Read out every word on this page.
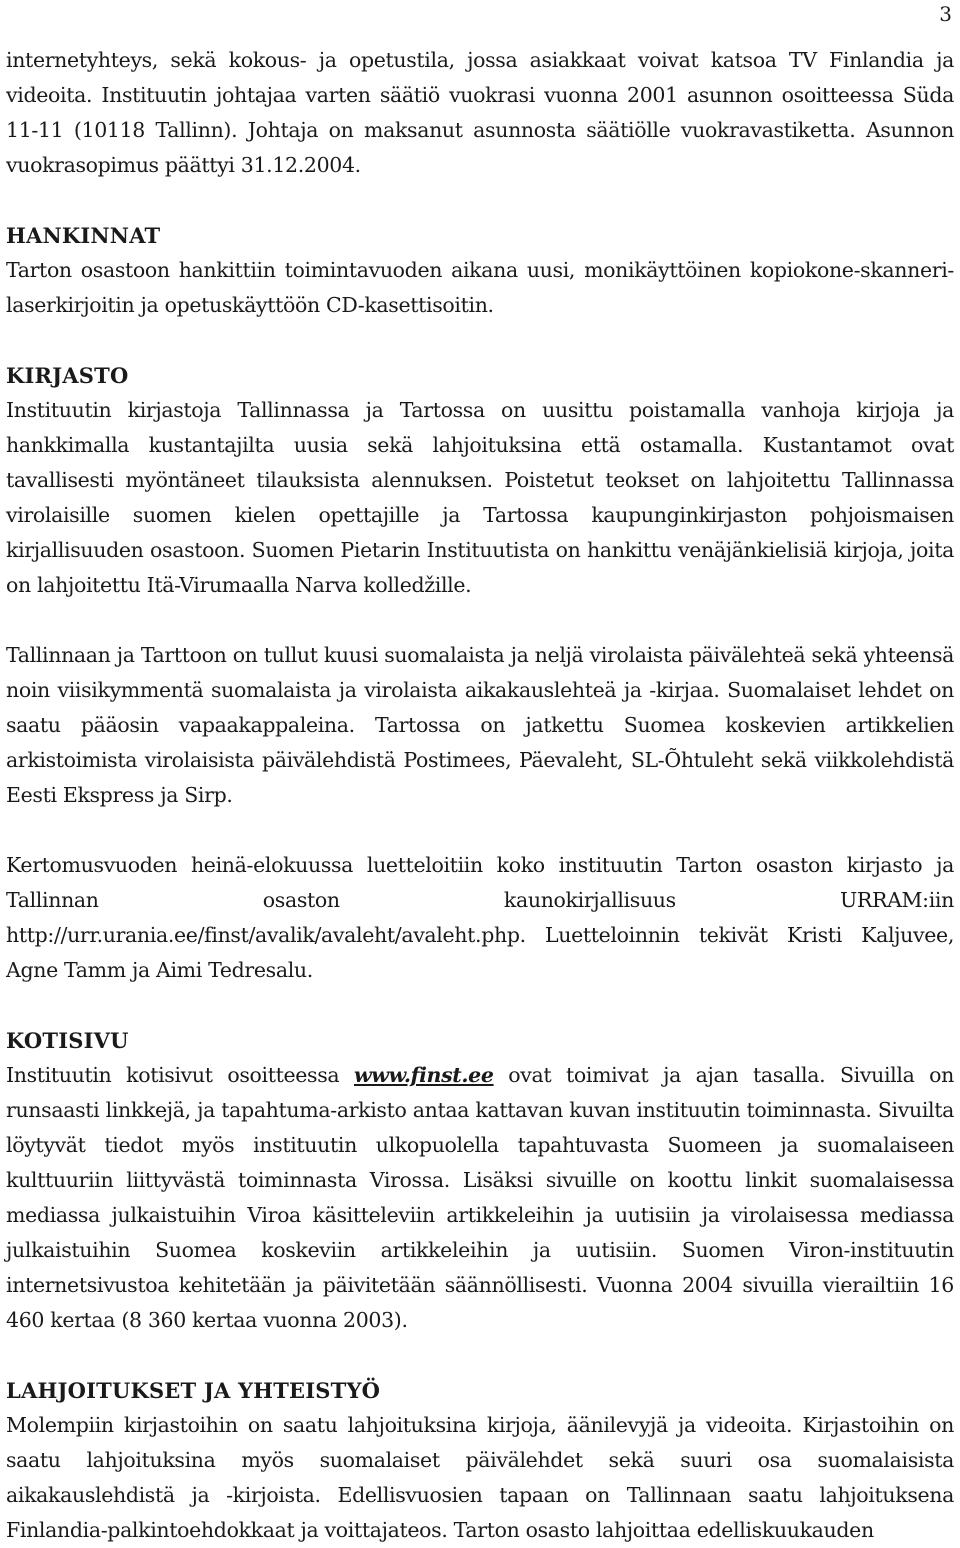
3

internetyhteys, sekä kokous- ja opetustila, jossa asiakkaat voivat katsoa TV Finlandia ja videoita. Instituutin johtajaa varten säätiö vuokrasi vuonna 2001 asunnon osoitteessa Süda 11-11 (10118 Tallinn). Johtaja on maksanut asunnosta säätiölle vuokravastiketta. Asunnon vuokrasopimus päättyi 31.12.2004.

HANKINNAT

Tarton osastoon hankittiin toimintavuoden aikana uusi, monikäyttöinen kopiokone-skanneri-laserkirjoitin ja opetuskäyttöön CD-kasettisoitin.

KIRJASTO

Instituutin kirjastoja Tallinnassa ja Tartossa on uusittu poistamalla vanhoja kirjoja ja hankkimalla kustantajilta uusia sekä lahjoituksina että ostamalla. Kustantamot ovat tavallisesti myöntäneet tilauksista alennuksen. Poistetut teokset on lahjoitettu Tallinnassa virolaisille suomen kielen opettajille ja Tartossa kaupunginkirjaston pohjoismaisen kirjallisuuden osastoon. Suomen Pietarin Instituutista on hankittu venäjänkielisiä kirjoja, joita on lahjoitettu Itä-Virumaalla Narva kolledžille.

Tallinnaan ja Tarttoon on tullut kuusi suomalaista ja neljä virolaista päivälehteä sekä yhteensä noin viisikymmentä suomalaista ja virolaista aikakauslehteä ja -kirjaa. Suomalaiset lehdet on saatu pääosin vapaakappaleina. Tartossa on jatkettu Suomea koskevien artikkelien arkistoimista virolaisista päivälehdistä Postimees, Päevaleht, SL-Õhtuleht sekä viikkolehdistä Eesti Ekspress ja Sirp.

Kertomusvuoden heinä-elokuussa luetteloitiin koko instituutin Tarton osaston kirjasto ja Tallinnan osaston kaunokirjallisuus URRAM:iin http://urr.urania.ee/finst/avalik/avaleht/avaleht.php. Luetteloinnin tekivät Kristi Kaljuvee, Agne Tamm ja Aimi Tedresalu.

KOTISIVU

Instituutin kotisivut osoitteessa www.finst.ee ovat toimivat ja ajan tasalla. Sivuilla on runsaasti linkkejä, ja tapahtuma-arkisto antaa kattavan kuvan instituutin toiminnasta. Sivuilta löytyvät tiedot myös instituutin ulkopuolella tapahtuvasta Suomeen ja suomalaiseen kulttuuriin liittyvästä toiminnasta Virossa. Lisäksi sivuille on koottu linkit suomalaisessa mediassa julkaistuihin Viroa käsitteleviin artikkeleihin ja uutisiin ja virolaisessa mediassa julkaistuihin Suomea koskeviin artikkeleihin ja uutisiin. Suomen Viron-instituutin internetsivustoa kehitetään ja päivitetään säännöllisesti. Vuonna 2004 sivuilla vierailtiin 16 460 kertaa (8 360 kertaa vuonna 2003).

LAHJOITUKSET JA YHTEISTYÖ

Molempiin kirjastoihin on saatu lahjoituksina kirjoja, äänilevyjä ja videoita. Kirjastoihin on saatu lahjoituksina myös suomalaiset päivälehdet sekä suuri osa suomalaisista aikakauslehdistä ja -kirjoista. Edellisvuosien tapaan on Tallinnaan saatu lahjoituksena Finlandia-palkintoehdokkaat ja voittajateos. Tarton osasto lahjoittaa edelliskuukauden
